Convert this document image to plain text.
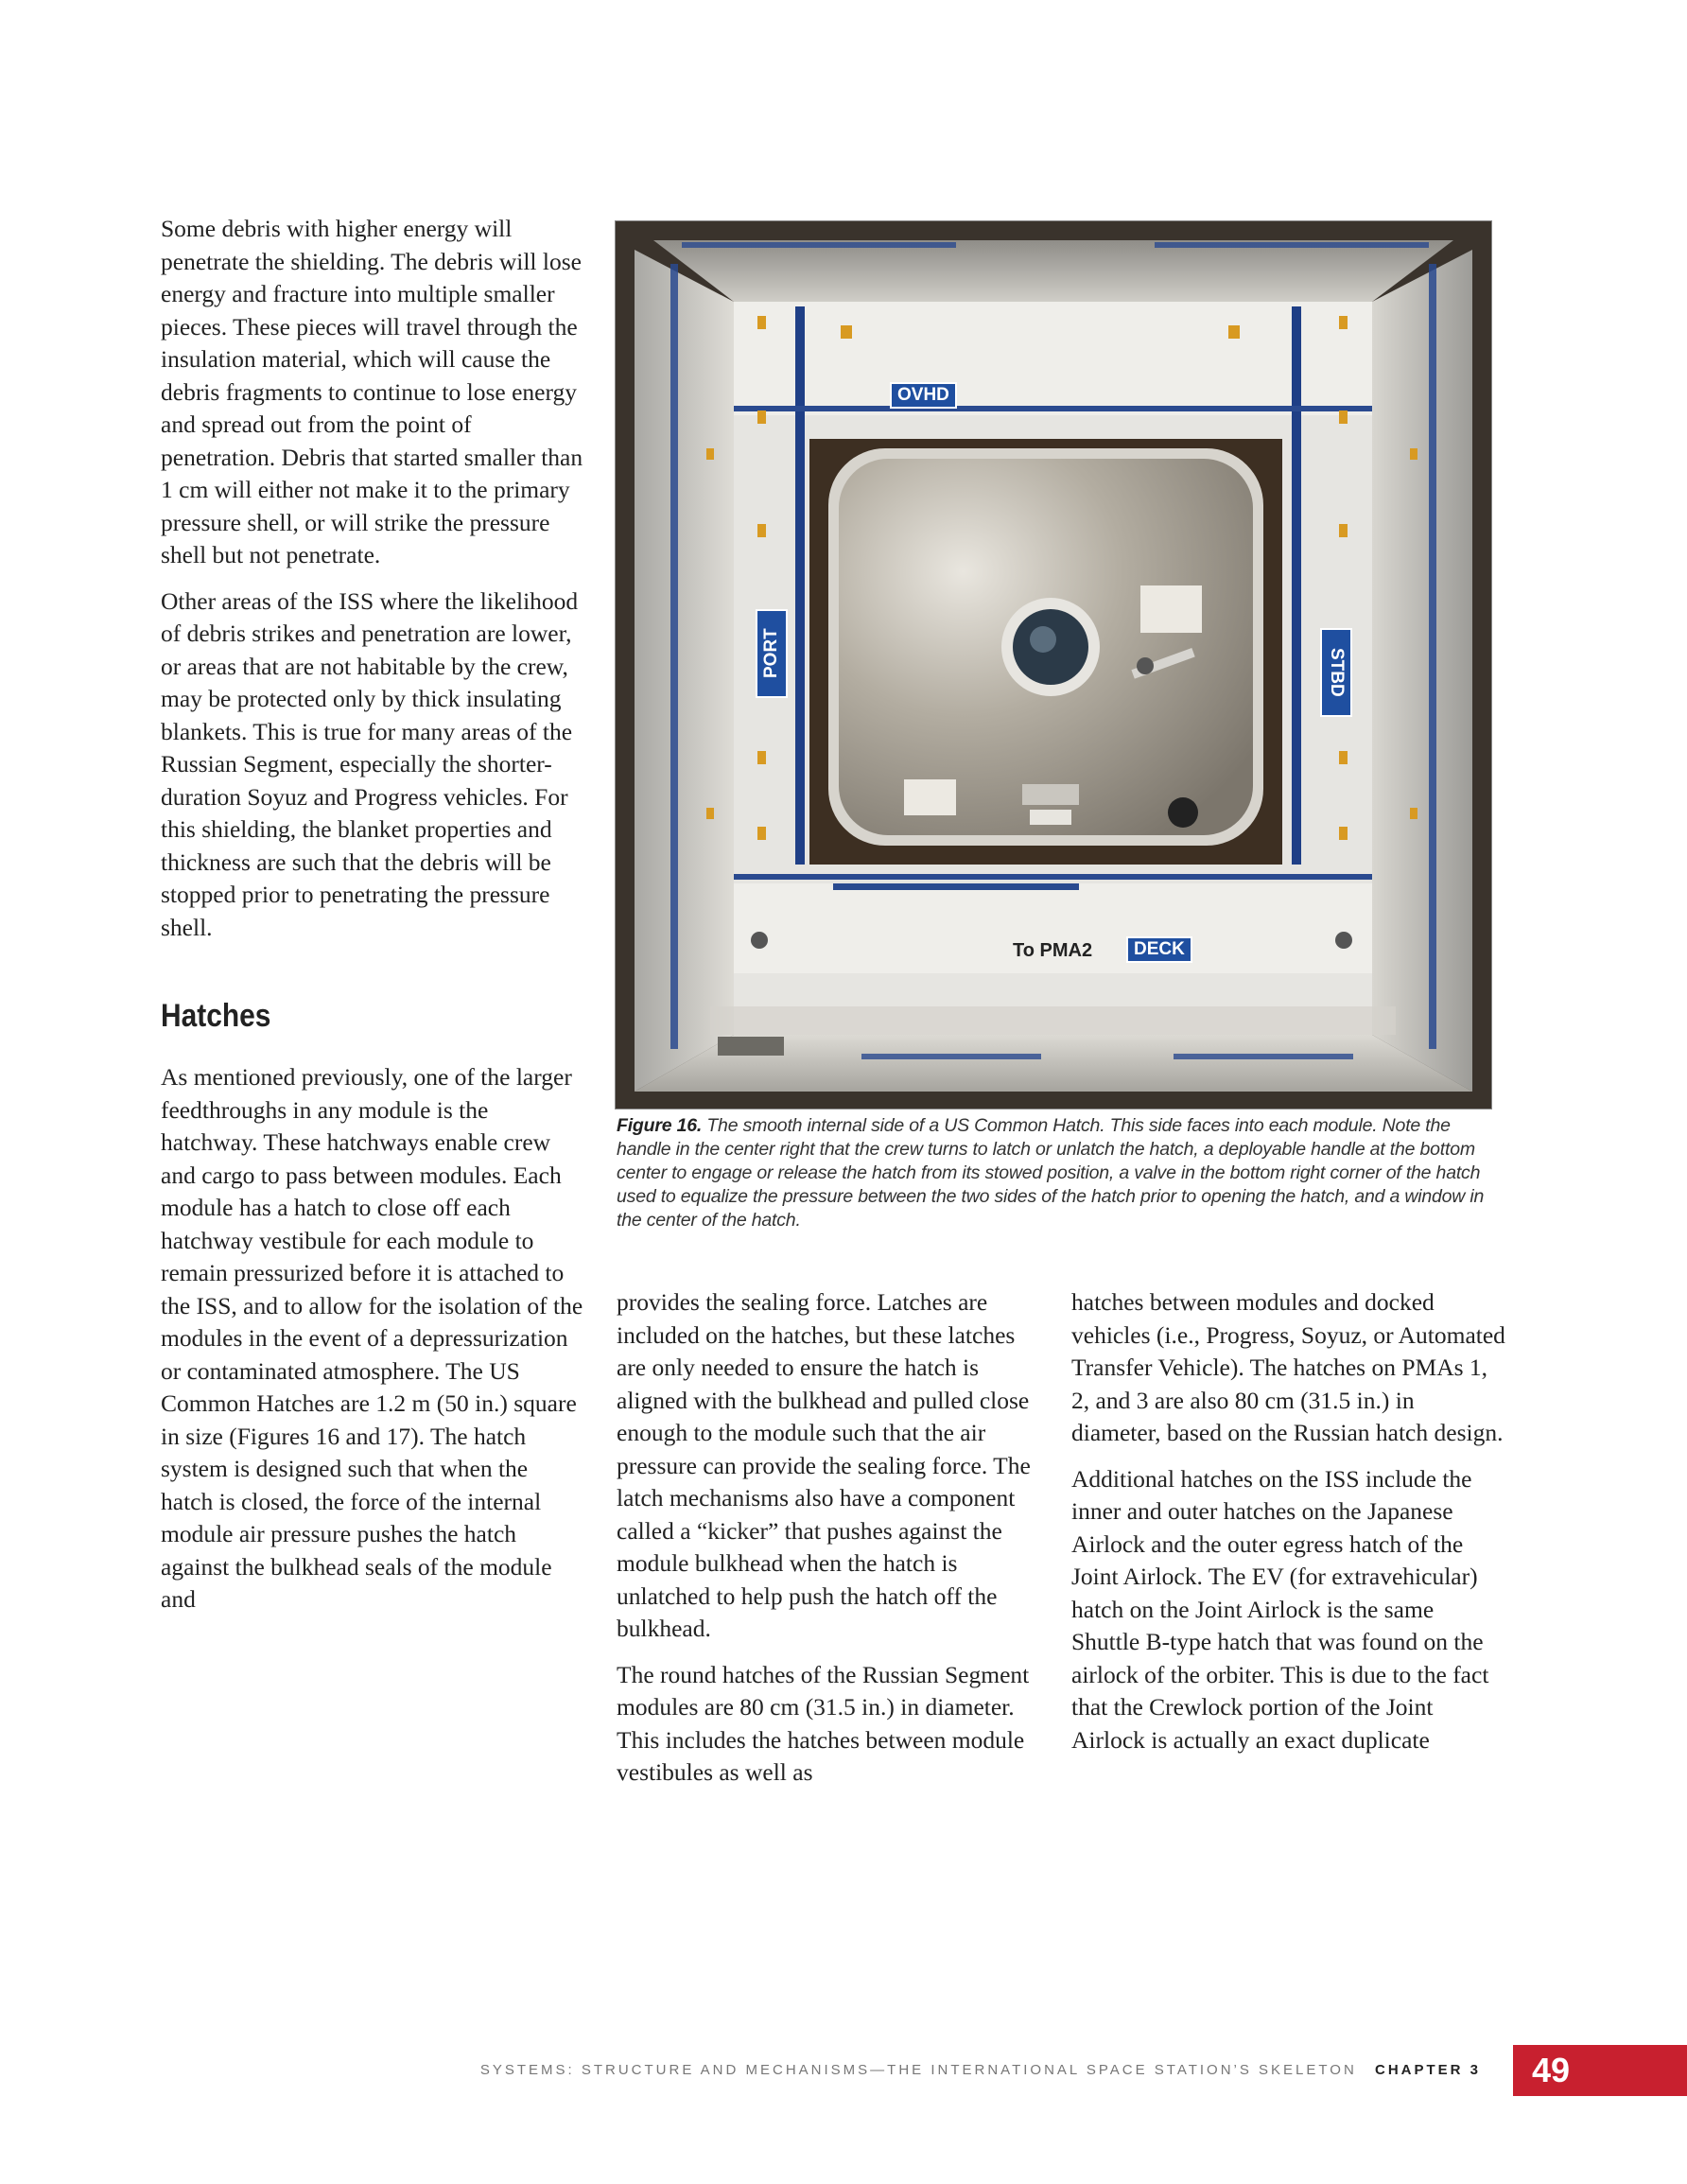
Some debris with higher energy will penetrate the shielding. The debris will lose energy and fracture into multiple smaller pieces. These pieces will travel through the insulation material, which will cause the debris fragments to continue to lose energy and spread out from the point of penetration. Debris that started smaller than 1 cm will either not make it to the primary pressure shell, or will strike the pressure shell but not penetrate.

Other areas of the ISS where the likelihood of debris strikes and penetration are lower, or areas that are not habitable by the crew, may be protected only by thick insulating blankets. This is true for many areas of the Russian Segment, especially the shorter-duration Soyuz and Progress vehicles. For this shielding, the blanket properties and thickness are such that the debris will be stopped prior to penetrating the pressure shell.

Hatches

As mentioned previously, one of the larger feedthroughs in any module is the hatchway. These hatchways enable crew and cargo to pass between modules. Each module has a hatch to close off each hatchway vestibule for each module to remain pressurized before it is attached to the ISS, and to allow for the isolation of the modules in the event of a depressurization or contaminated atmosphere. The US Common Hatches are 1.2 m (50 in.) square in size (Figures 16 and 17). The hatch system is designed such that when the hatch is closed, the force of the internal module air pressure pushes the hatch against the bulkhead seals of the module and

OVHD
PORT	STBD
To PMA2	DECK
Figure 16. The smooth internal side of a US Common Hatch. This side faces into each module. Note the handle in the center right that the crew turns to latch or unlatch the hatch, a deployable handle at the bottom center to engage or release the hatch from its stowed position, a valve in the bottom right corner of the hatch used to equalize the pressure between the two sides of the hatch prior to opening the hatch, and a window in the center of the hatch.

provides the sealing force. Latches are included on the hatches, but these latches are only needed to ensure the hatch is aligned with the bulkhead and pulled close enough to the module such that the air pressure can provide the sealing force. The latch mechanisms also have a component called a “kicker” that pushes against the module bulkhead when the hatch is unlatched to help push the hatch off the bulkhead.

The round hatches of the Russian Segment modules are 80 cm (31.5 in.) in diameter. This includes the hatches between module vestibules as well as

hatches between modules and docked vehicles (i.e., Progress, Soyuz, or Automated Transfer Vehicle). The hatches on PMAs 1, 2, and 3 are also 80 cm (31.5 in.) in diameter, based on the Russian hatch design.

Additional hatches on the ISS include the inner and outer hatches on the Japanese Airlock and the outer egress hatch of the Joint Airlock. The EV (for extravehicular) hatch on the Joint Airlock is the same Shuttle B-type hatch that was found on the airlock of the orbiter. This is due to the fact that the Crewlock portion of the Joint Airlock is actually an exact duplicate

SYSTEMS: STRUCTURE AND MECHANISMS—THE INTERNATIONAL SPACE STATION’S SKELETON CHAPTER 3	49
